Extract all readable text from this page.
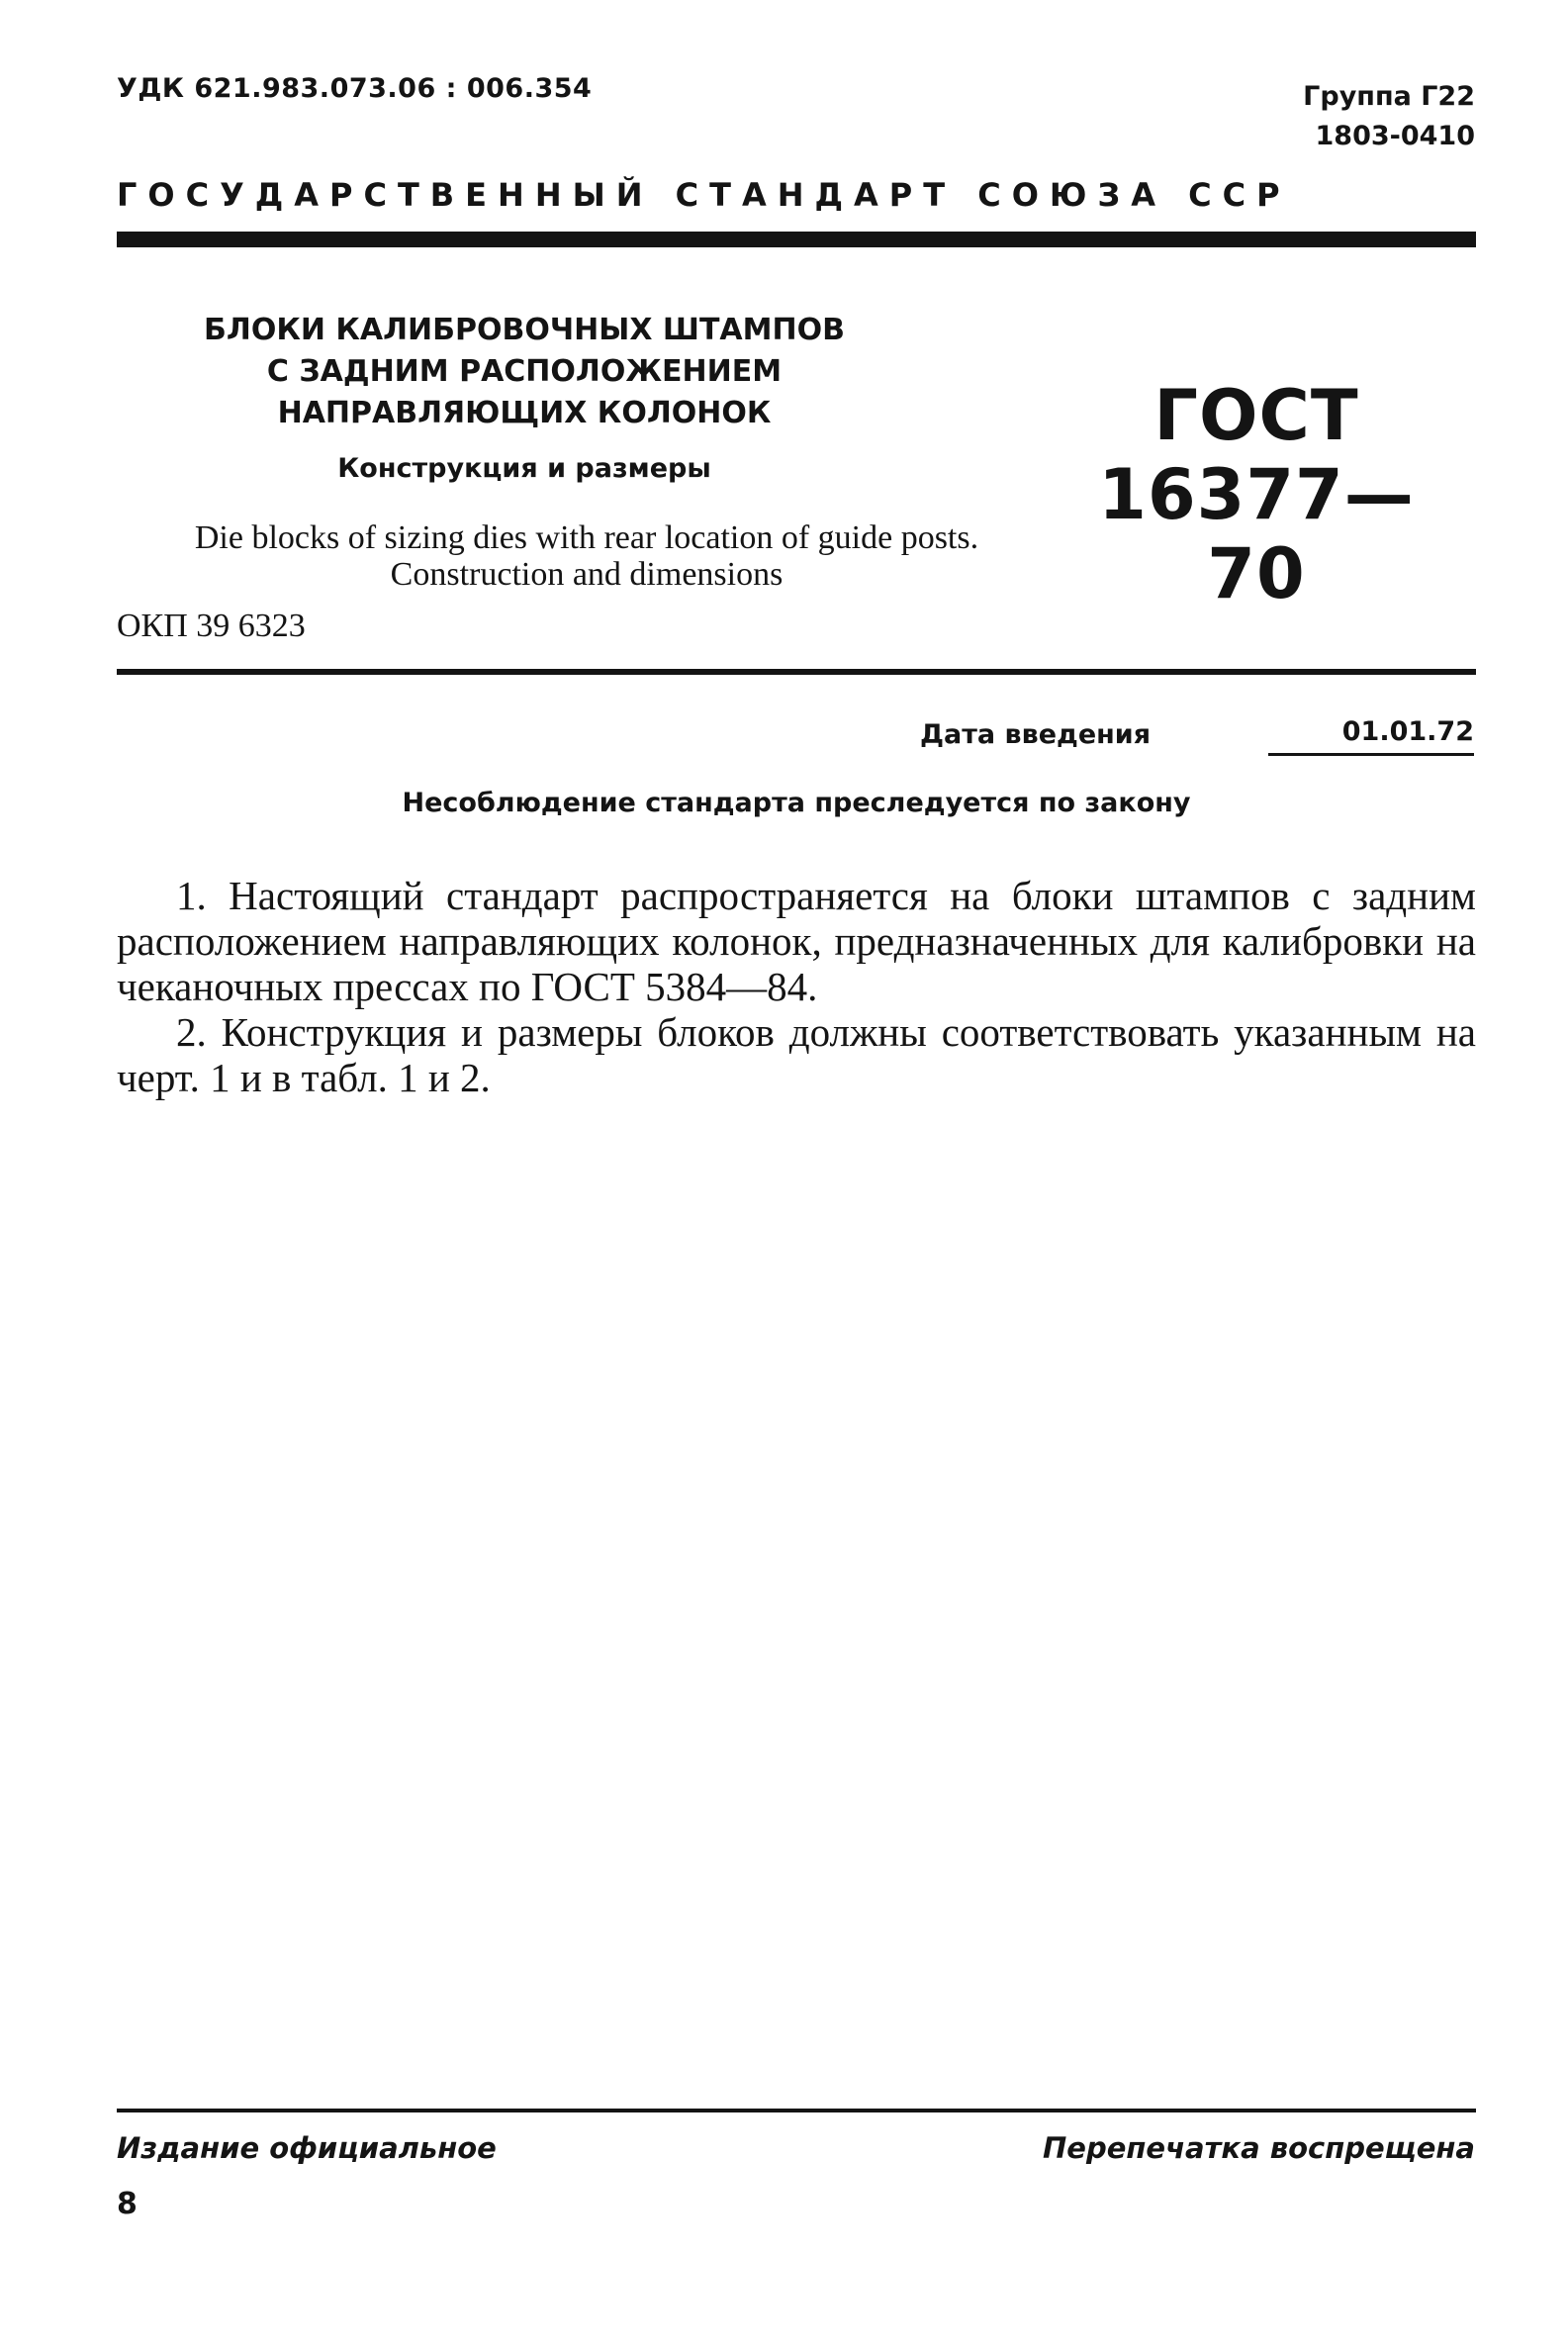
УДК 621.983.073.06 : 006.354	Группа Г22
1803-0410
ГОСУДАРСТВЕННЫЙ СТАНДАРТ СОЮЗА ССР
БЛОКИ КАЛИБРОВОЧНЫХ ШТАМПОВ
С ЗАДНИМ РАСПОЛОЖЕНИЕМ
НАПРАВЛЯЮЩИХ КОЛОНОК
Конструкция и размеры
ГОСТ
16377—70
Die blocks of sizing dies with rear location of guide posts.
Construction and dimensions
ОКП 39 6323
Дата введения	01.01.72
Несоблюдение стандарта преследуется по закону

1. Настоящий стандарт распространяется на блоки штампов с задним расположением направляющих колонок, предназначенных для калибровки на чеканочных прессах по ГОСТ 5384—84.

2. Конструкция и размеры блоков должны соответствовать указанным на черт. 1 и в табл. 1 и 2.

Издание официальное	Перепечатка воспрещена
8
